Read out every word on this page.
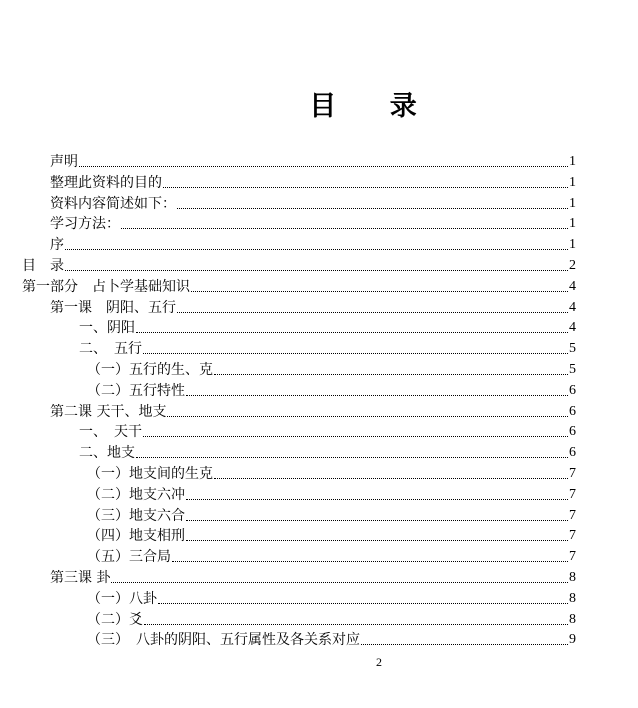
目 录
声明	1
整理此资料的目的	1
资料内容简述如下：	1
学习方法：	1
序	1
目　录	2
第一部分　占卜学基础知识	4
第一课　阴阳、五行	4
一、阴阳	4
二、　五行	5
（一）五行的生、克	5
（二）五行特性	6
第二课 天干、地支	6
一、　天干	6
二、地支	6
（一）地支间的生克	7
（二）地支六冲	7
（三）地支六合	7
（四）地支相刑	7
（五）三合局	7
第三课 卦	8
（一）八卦	8
（二）爻	8
（三）　八卦的阴阳、五行属性及各关系对应	9
2
